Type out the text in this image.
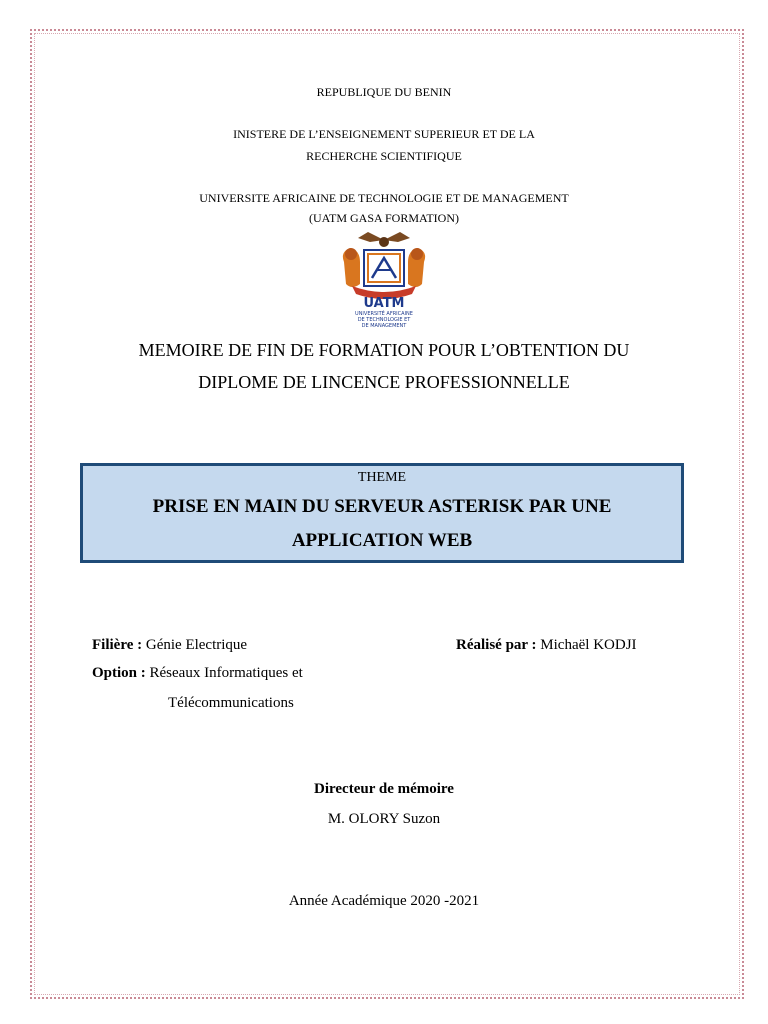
REPUBLIQUE DU BENIN
INISTERE DE L’ENSEIGNEMENT SUPERIEUR ET DE LA
RECHERCHE SCIENTIFIQUE
UNIVERSITE AFRICAINE DE TECHNOLOGIE ET DE MANAGEMENT
(UATM GASA FORMATION)
UATM
UNIVERSITÉ AFRICAINE
DE TECHNOLOGIE ET
DE MANAGEMENT
MEMOIRE DE FIN DE FORMATION POUR L’OBTENTION DU
DIPLOME DE LINCENCE PROFESSIONNELLE
THEME
PRISE EN MAIN DU SERVEUR ASTERISK PAR UNE
APPLICATION WEB
Filière : Génie Electrique	Réalisé par : Michaël KODJI
Option : Réseaux Informatiques et
Télécommunications
Directeur de mémoire
M. OLORY Suzon
Année Académique 2020 -2021
